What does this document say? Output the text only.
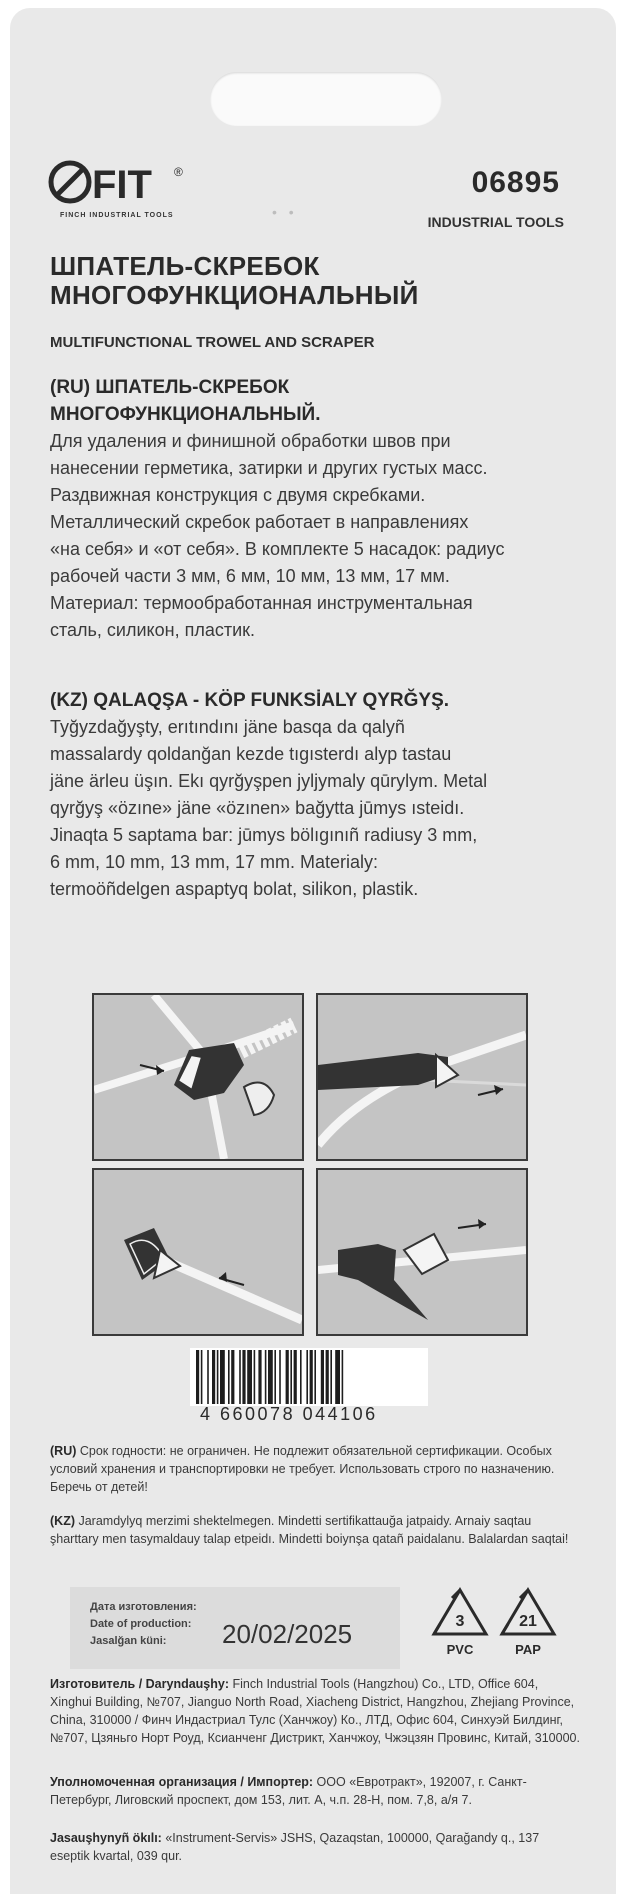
FIT ®
FINCH INDUSTRIAL TOOLS	• •
06895
INDUSTRIAL TOOLS
ШПАТЕЛЬ-СКРЕБОК
МНОГОФУНКЦИОНАЛЬНЫЙ
MULTIFUNCTIONAL TROWEL AND SCRAPER
(RU) ШПАТЕЛЬ-СКРЕБОК
МНОГОФУНКЦИОНАЛЬНЫЙ.

Для удаления и финишной обработки швов при

нанесении герметика, затирки и других густых масс.

Раздвижная конструкция с двумя скребками.

Металлический скребок работает в направлениях

«на себя» и «от себя». В комплекте 5 насадок: радиус

рабочей части 3 мм, 6 мм, 10 мм, 13 мм, 17 мм.

Материал: термообработанная инструментальная

сталь, силикон, пластик.

(KZ) QALAQŞA - KÖP FUNKSİALY QYRĞYŞ.

Tyğyzdağyşty, erıtındını jäne basqa da qalyñ

massalardy qoldanğan kezde tıgısterdı alyp tastau

jäne ärleu üşın. Ekı qyrğyşpen jyljymaly qūrylym. Metal

qyrğyş «özıne» jäne «özınen» bağytta jūmys ısteidı.

Jinaqta 5 saptama bar: jūmys bölıgınıñ radiusy 3 mm,

6 mm, 10 mm, 13 mm, 17 mm. Materialy:

termoöñdelgen aspaptyq bolat, silikon, plastik.

4 660078 044106
(RU) Срок годности: не ограничен. Не подлежит обязательной сертификации. Особых условий хранения и транспортировки не требует. Использовать строго по назначению. Беречь от детей!
(KZ) Jaramdylyq merzimi shektelmegen. Mindetti sertifikattauğa jatpaidy. Arnaiy saqtau şharttary men tasymaldauy talap etpeidı. Mindetti boiynşa qatañ paidalanu. Balalardan saqtai!
Дата изготовления:
Date of production:
Jasalğan küni:	20/02/2025	3
PVC
21
PAP
Изготовитель / Daryndauşhy: Finch Industrial Tools (Hangzhou) Co., LTD, Office 604, Xinghui Building, №707, Jianguo North Road, Xiacheng District, Hangzhou, Zhejiang Province, China, 310000 / Финч Индастриал Тулс (Ханчжоу) Ко., ЛТД, Офис 604, Синхуэй Билдинг, №707, Цзяньго Норт Роуд, Ксианченг Дистрикт, Ханчжоу, Чжэцзян Провинс, Китай, 310000.
Уполномоченная организация / Импортер: ООО «Евротракт», 192007, г. Санкт-Петербург, Лиговский проспект, дом 153, лит. А, ч.п. 28-Н, пом. 7,8, а/я 7.
Jasauşhynyñ ökılı: «Instrument-Servis» JSHS, Qazaqstan, 100000, Qarağandy q., 137 eseptik kvartal, 039 qur.
